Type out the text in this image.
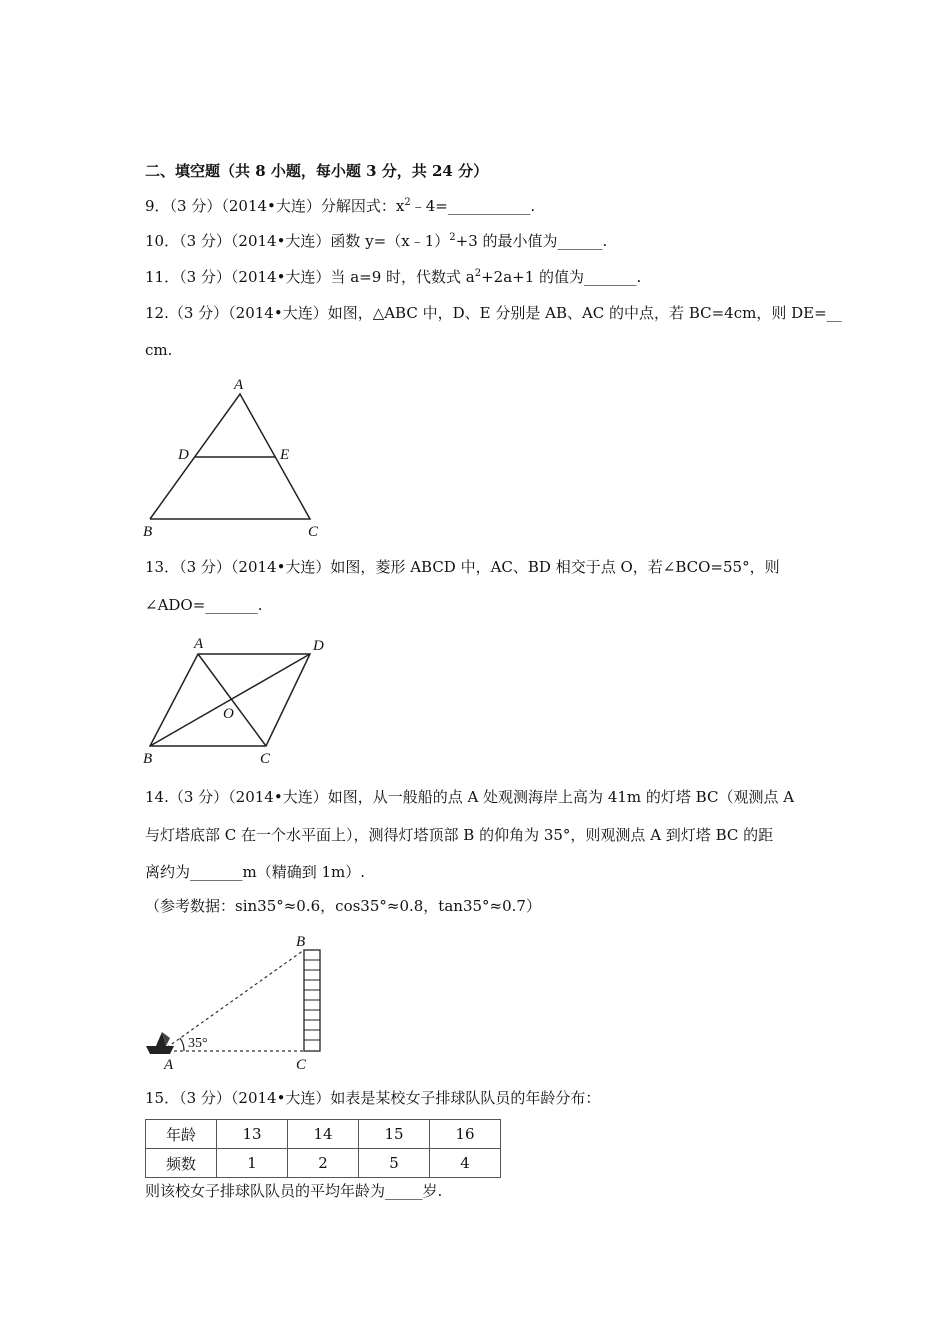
二、填空题（共 8 小题，每小题 3 分，共 24 分）
9．（3 分）（2014•大连）分解因式：$x^2﹣4=\_\_\_\_\_\_\_\_\_\_\_$.
10．（3 分）（2014•大连）函数 y=（x﹣1）$^2$+3 的最小值为______.
11．（3 分）（2014•大连）当 a=9 时，代数式 $a^2+2a+1$ 的值为_______.
12.（3 分）（2014•大连）如图，△ABC 中，D、E 分别是 AB、AC 的中点，若 BC=4cm，则 DE=__
cm.
A
D	E
B	C
13．（3 分）（2014•大连）如图，菱形 ABCD 中，AC、BD 相交于点 O，若∠BCO=55°，则
∠ADO=_______.
A	D
O
B	C
14.（3 分）（2014•大连）如图，从一般船的点 A 处观测海岸上高为 41m 的灯塔 BC（观测点 A
与灯塔底部 C 在一个水平面上），测得灯塔顶部 B 的仰角为 35°，则观测点 A 到灯塔 BC 的距
离约为_______m（精确到 1m）.
（参考数据：sin35°≈0.6，cos35°≈0.8，tan35°≈0.7）
35°
B
A	C
15．（3 分）（2014•大连）如表是某校女子排球队队员的年龄分布：
年龄	13	14	15	16
频数	1	2	5	4
则该校女子排球队队员的平均年龄为_____岁.
